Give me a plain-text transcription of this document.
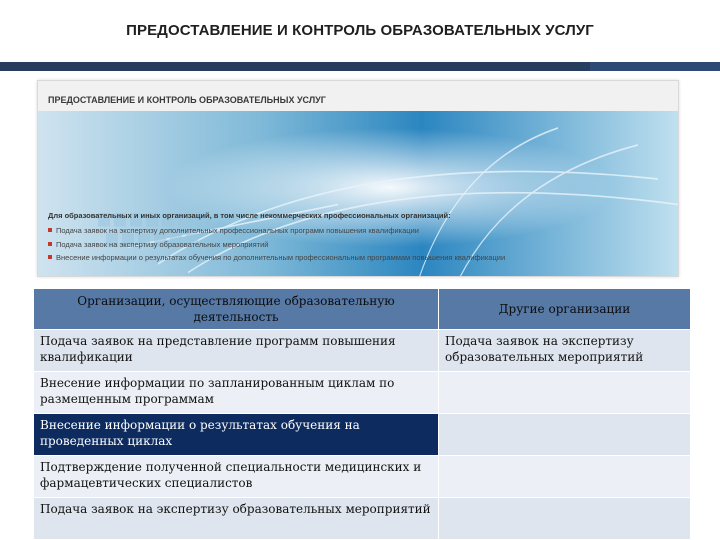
ПРЕДОСТАВЛЕНИЕ И КОНТРОЛЬ ОБРАЗОВАТЕЛЬНЫХ УСЛУГ
ПРЕДОСТАВЛЕНИЕ И КОНТРОЛЬ ОБРАЗОВАТЕЛЬНЫХ УСЛУГ
Для образовательных и иных организаций, в том числе некоммерческих профессиональных организаций:
Подача заявок на экспертизу дополнительных профессиональных программ повышения квалификации
Подача заявок на экспертизу образовательных мероприятий
Внесение информации о результатах обучения по дополнительным профессиональным программам повышения квалификации
Организации, осуществляющие образовательную деятельность	Другие организации
Подача заявок на представление программ повышения квалификации	Подача заявок на экспертизу образовательных мероприятий
Внесение информации по запланированным циклам по размещенным программам	
Внесение информации о результатах обучения на проведенных циклах	
Подтверждение полученной специальности медицинских и фармацевтических специалистов	
Подача заявок на экспертизу образовательных мероприятий	
